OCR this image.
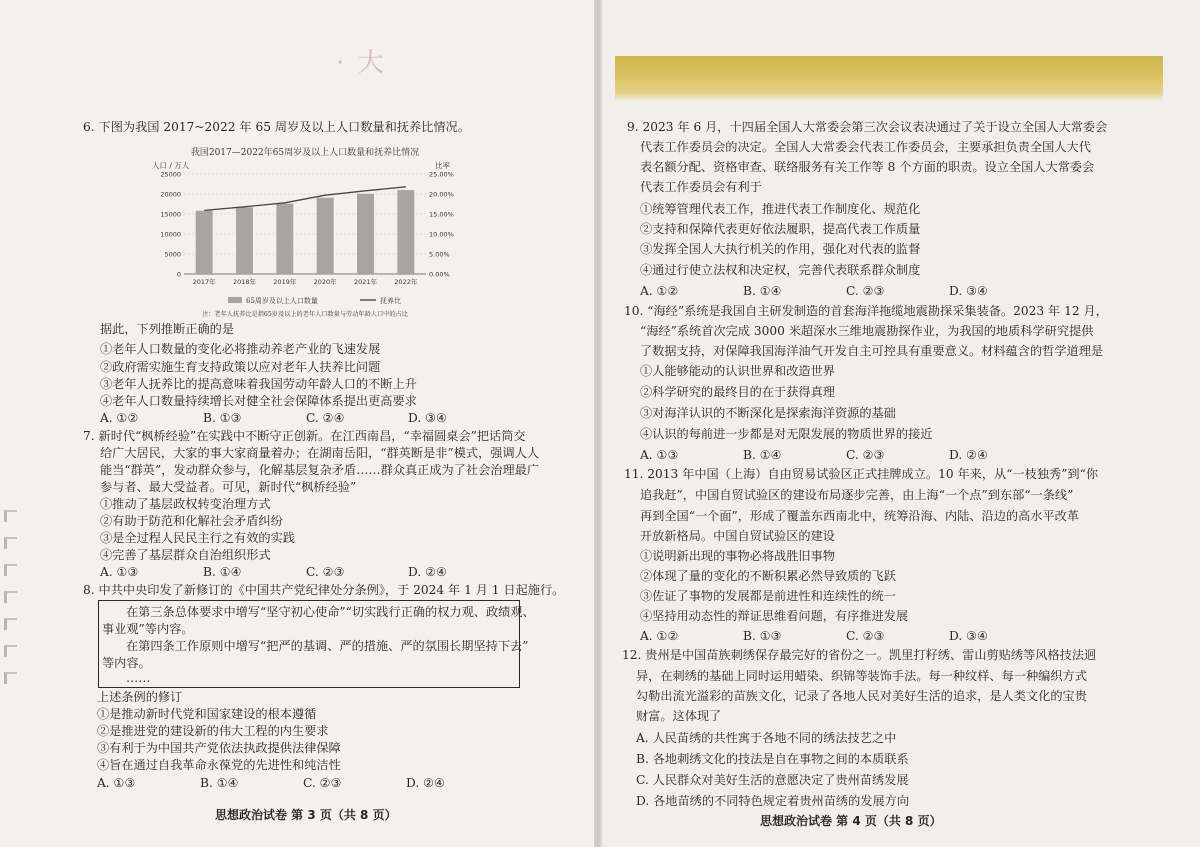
·  大
6. 下图为我国 2017~2022 年 65 周岁及以上人口数量和抚养比情况。
我国2017—2022年65周岁及以上人口数量和抚养比情况
人口 / 万人	比率
0
5000
10000
15000
20000
25000
0.00%
5.00%
10.00%
15.00%
20.00%
25.00%
2017年	2018年	2019年	2020年	2021年	2022年
65周岁及以上人口数量	抚养比
注：老年人抚养比是指65岁及以上的老年人口数量与劳动年龄人口中的占比
据此，下列推断正确的是
①老年人口数量的变化必将推动养老产业的飞速发展
②政府需实施生育支持政策以应对老年人扶养比问题
③老年人抚养比的提高意味着我国劳动年龄人口的不断上升
④老年人口数量持续增长对健全社会保障体系提出更高要求
A. ①②	B. ①③	C. ②④	D. ③④
7. 新时代“枫桥经验”在实践中不断守正创新。在江西南昌，“幸福圆桌会”把话筒交
给广大居民，大家的事大家商量着办；在湖南岳阳，“群英断是非”模式，强调人人
能当“群英”，发动群众参与，化解基层复杂矛盾……群众真正成为了社会治理最广
参与者、最大受益者。可见，新时代“枫桥经验”
①推动了基层政权转变治理方式
②有助于防范和化解社会矛盾纠纷
③是全过程人民民主行之有效的实践
④完善了基层群众自治组织形式
A. ①③	B. ①④	C. ②③	D. ②④
8. 中共中央印发了新修订的《中国共产党纪律处分条例》，于 2024 年 1 月 1 日起施行。
在第三条总体要求中增写“坚守初心使命”“切实践行正确的权力观、政绩观、
事业观”等内容。
在第四条工作原则中增写“把严的基调、严的措施、严的氛围长期坚持下去”
等内容。
……
上述条例的修订
①是推动新时代党和国家建设的根本遵循
②是推进党的建设新的伟大工程的内生要求
③有利于为中国共产党依法执政提供法律保障
④旨在通过自我革命永葆党的先进性和纯洁性
A. ①③	B. ①④	C. ②③	D. ②④
思想政治试卷 第 3 页（共 8 页）
9. 2023 年 6 月，十四届全国人大常委会第三次会议表决通过了关于设立全国人大常委会
代表工作委员会的决定。全国人大常委会代表工作委员会，主要承担负责全国人大代
表名额分配、资格审查、联络服务有关工作等 8 个方面的职责。设立全国人大常委会
代表工作委员会有利于
①统筹管理代表工作，推进代表工作制度化、规范化
②支持和保障代表更好依法履职，提高代表工作质量
③发挥全国人大执行机关的作用，强化对代表的监督
④通过行使立法权和决定权，完善代表联系群众制度
A. ①②	B. ①④	C. ②③	D. ③④
10. “海经”系统是我国自主研发制造的首套海洋拖缆地震勘探采集装备。2023 年 12 月，
“海经”系统首次完成 3000 米超深水三维地震勘探作业，为我国的地质科学研究提供
了数据支持，对保障我国海洋油气开发自主可控具有重要意义。材料蕴含的哲学道理是
①人能够能动的认识世界和改造世界
②科学研究的最终目的在于获得真理
③对海洋认识的不断深化是探索海洋资源的基础
④认识的每前进一步都是对无限发展的物质世界的接近
A. ①③	B. ①④	C. ②③	D. ②④
11. 2013 年中国（上海）自由贸易试验区正式挂牌成立。10 年来，从“一枝独秀”到“你
追我赶”，中国自贸试验区的建设布局逐步完善，由上海“一个点”到东部“一条线”
再到全国“一个面”，形成了覆盖东西南北中，统筹沿海、内陆、沿边的高水平改革
开放新格局。中国自贸试验区的建设
①说明新出现的事物必将战胜旧事物
②体现了量的变化的不断积累必然导致质的飞跃
③佐证了事物的发展都是前进性和连续性的统一
④坚持用动态性的辩证思维看问题，有序推进发展
A. ①②	B. ①③	C. ②③	D. ③④
12. 贵州是中国苗族刺绣保存最完好的省份之一。凯里打籽绣、雷山剪贴绣等风格技法迥
异，在刺绣的基础上同时运用蜡染、织锦等装饰手法。每一种纹样、每一种编织方式
勾勒出流光溢彩的苗族文化，记录了各地人民对美好生活的追求，是人类文化的宝贵
财富。这体现了
A. 人民苗绣的共性寓于各地不同的绣法技艺之中
B. 各地刺绣文化的技法是自在事物之间的本质联系
C. 人民群众对美好生活的意愿决定了贵州苗绣发展
D. 各地苗绣的不同特色规定着贵州苗绣的发展方向
思想政治试卷 第 4 页（共 8 页）
